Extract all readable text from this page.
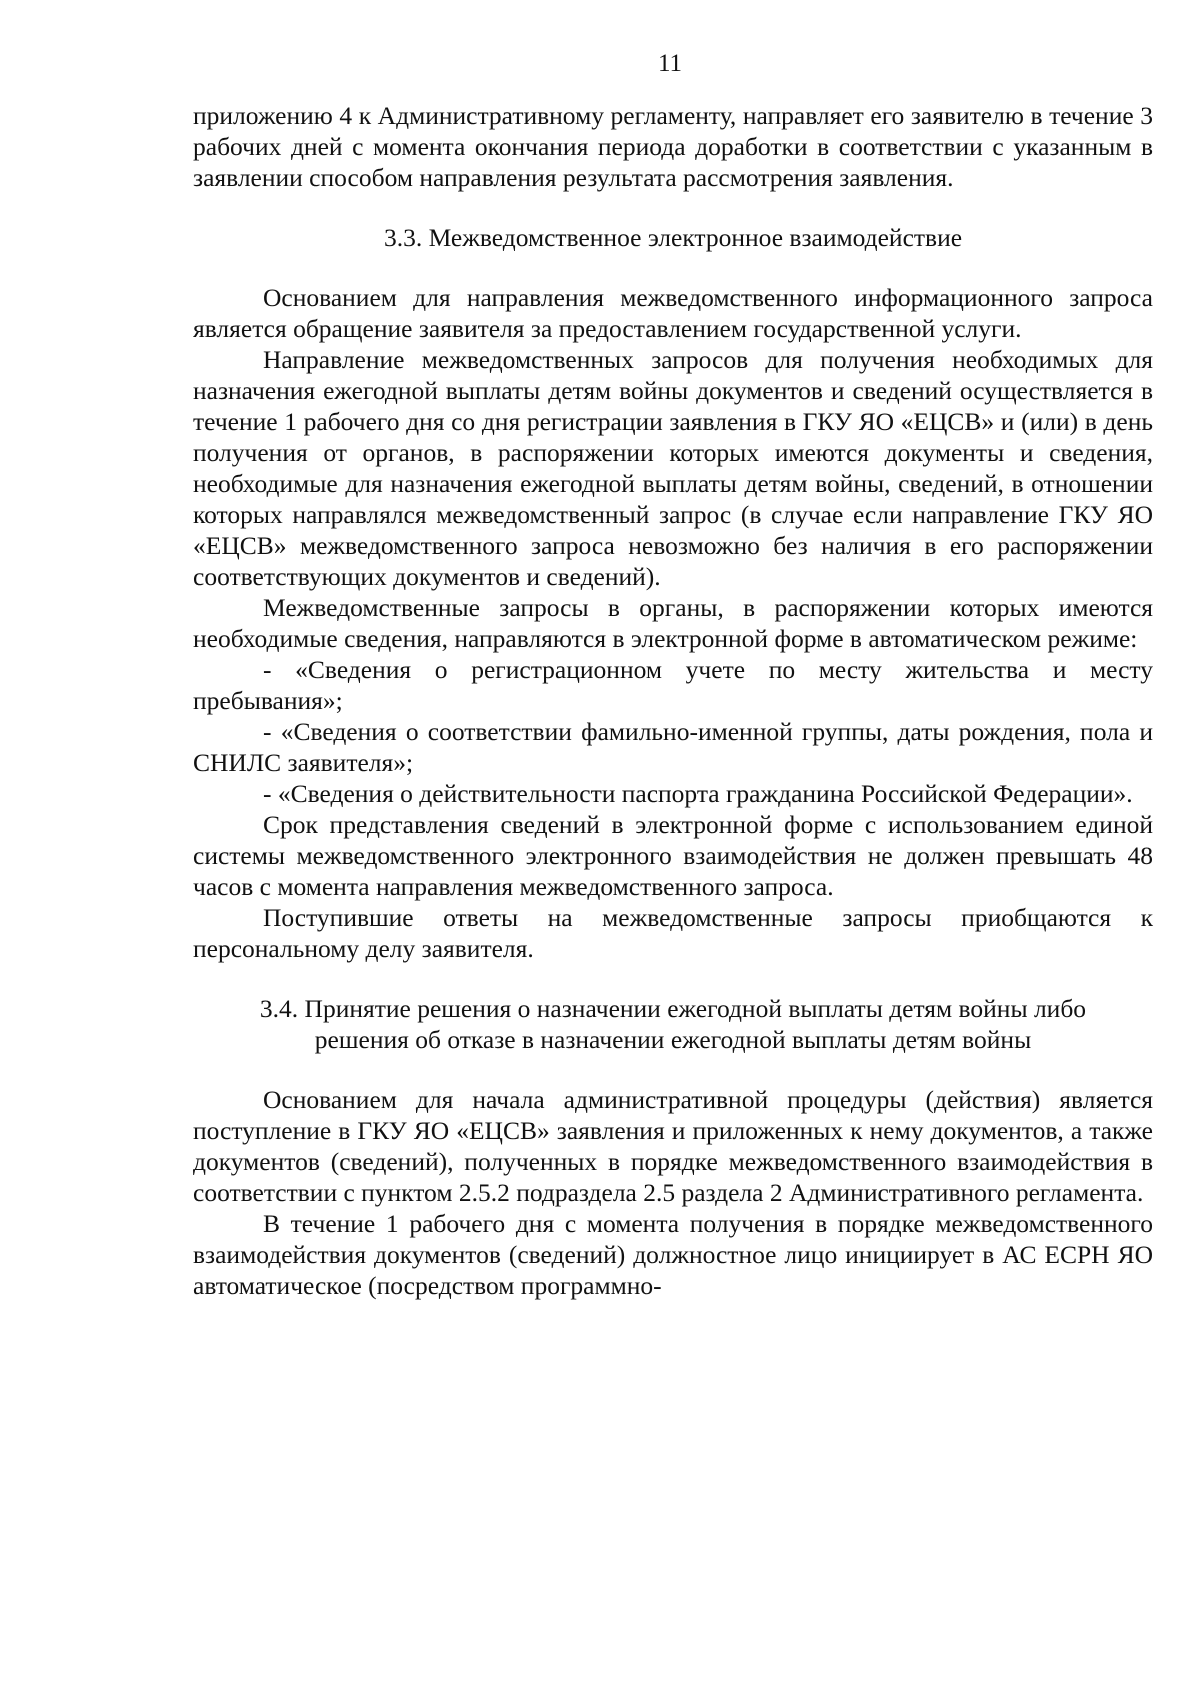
11

приложению 4 к Административному регламенту, направляет его заявителю в течение 3 рабочих дней с момента окончания периода доработки в соответствии с указанным в заявлении способом направления результата рассмотрения заявления.

3.3. Межведомственное электронное взаимодействие

Основанием для направления межведомственного информационного запроса является обращение заявителя за предоставлением государственной услуги.

Направление межведомственных запросов для получения необходимых для назначения ежегодной выплаты детям войны документов и сведений осуществляется в течение 1 рабочего дня со дня регистрации заявления в ГКУ ЯО «ЕЦСВ» и (или) в день получения от органов, в распоряжении которых имеются документы и сведения, необходимые для назначения ежегодной выплаты детям войны, сведений, в отношении которых направлялся межведомственный запрос (в случае если направление ГКУ ЯО «ЕЦСВ» межведомственного запроса невозможно без наличия в его распоряжении соответствующих документов и сведений).

Межведомственные запросы в органы, в распоряжении которых имеются необходимые сведения, направляются в электронной форме в автоматическом режиме:

- «Сведения о регистрационном учете по месту жительства и месту пребывания»;

- «Сведения о соответствии фамильно-именной группы, даты рождения, пола и СНИЛС заявителя»;

- «Сведения о действительности паспорта гражданина Российской Федерации».

Срок представления сведений в электронной форме с использованием единой системы межведомственного электронного взаимодействия не должен превышать 48 часов с момента направления межведомственного запроса.

Поступившие ответы на межведомственные запросы приобщаются к персональному делу заявителя.

3.4. Принятие решения о назначении ежегодной выплаты детям войны либо

решения об отказе в назначении ежегодной выплаты детям войны

Основанием для начала административной процедуры (действия) является поступление в ГКУ ЯО «ЕЦСВ» заявления и приложенных к нему документов, а также документов (сведений), полученных в порядке межведомственного взаимодействия в соответствии с пунктом 2.5.2 подраздела 2.5 раздела 2 Административного регламента.

В течение 1 рабочего дня с момента получения в порядке межведомственного взаимодействия документов (сведений) должностное лицо инициирует в АС ЕСРН ЯО автоматическое (посредством программно-
